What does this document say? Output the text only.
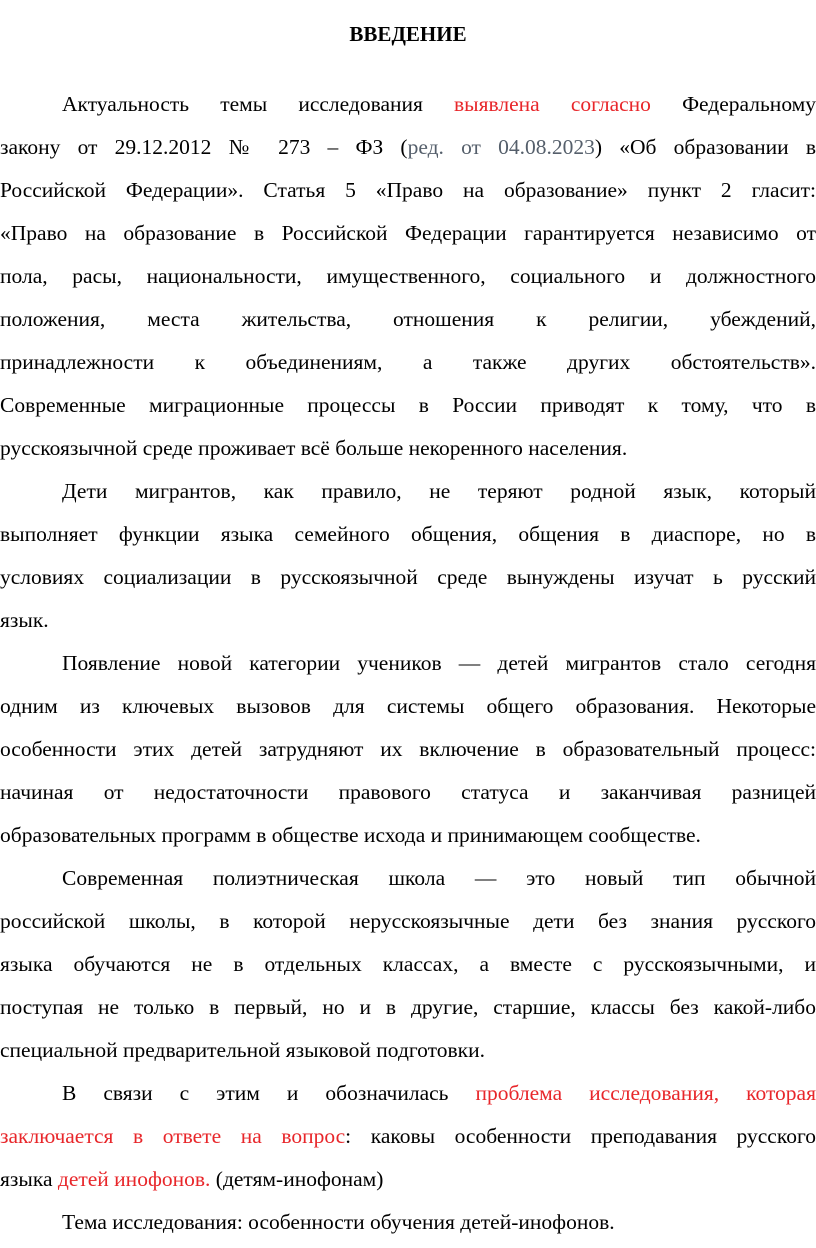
ВВЕДЕНИЕ
Актуальность темы исследования выявлена согласно Федеральному
закону от 29.12.2012 № 273 – ФЗ (ред. от 04.08.2023) «Об образовании в
Российской Федерации». Статья 5 «Право на образование» пункт 2 гласит:
«Право на образование в Российской Федерации гарантируется независимо от
пола, расы, национальности, имущественного, социального и должностного
положения, места жительства, отношения к религии, убеждений,
принадлежности к объединениям, а также других обстоятельств».
Современные миграционные процессы в России приводят к тому, что в
русскоязычной среде проживает всё больше некоренного населения.
Дети мигрантов, как правило, не теряют родной язык, который
выполняет функции языка семейного общения, общения в диаспоре, но в
условиях социализации в русскоязычной среде вынуждены изучат ь русский
язык.
Появление новой категории учеников — детей мигрантов стало сегодня
одним из ключевых вызовов для системы общего образования. Некоторые
особенности этих детей затрудняют их включение в образовательный процесс:
начиная от недостаточности правового статуса и заканчивая разницей
образовательных программ в обществе исхода и принимающем сообществе.
Современная полиэтническая школа — это новый тип обычной
российской школы, в которой нерусскоязычные дети без знания русского
языка обучаются не в отдельных классах, а вместе с русскоязычными, и
поступая не только в первый, но и в другие, старшие, классы без какой-либо
специальной предварительной языковой подготовки.
В связи с этим и обозначилась проблема исследования, которая
заключается в ответе на вопрос: каковы особенности преподавания русского
языка детей инофонов. (детям-инофонам)
Тема исследования: особенности обучения детей-инофонов.
